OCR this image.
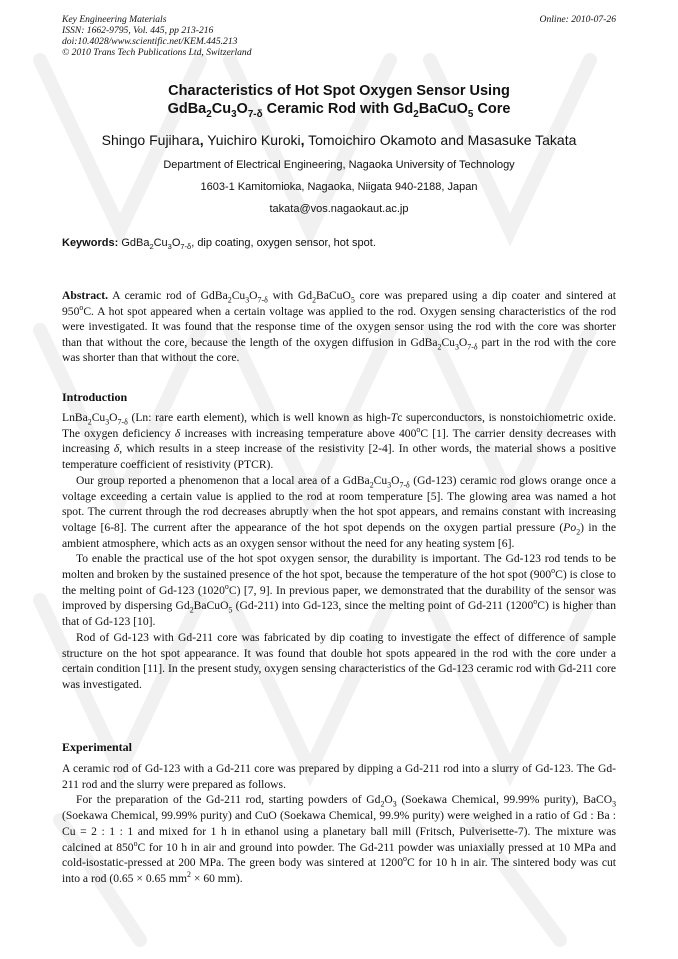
Key Engineering Materials
ISSN: 1662-9795, Vol. 445, pp 213-216
doi:10.4028/www.scientific.net/KEM.445.213
© 2010 Trans Tech Publications Ltd, Switzerland
Online: 2010-07-26
Characteristics of Hot Spot Oxygen Sensor Using
$GdBa_2Cu_3O_{7-\delta}$ Ceramic Rod with $Gd_2BaCuO_5$ Core
Shingo Fujihara, Yuichiro Kuroki, Tomoichiro Okamoto and Masasuke Takata
Department of Electrical Engineering, Nagaoka University of Technology
1603-1 Kamitomioka, Nagaoka, Niigata 940-2188, Japan
takata@vos.nagaokaut.ac.jp
Keywords: $GdBa_2Cu_3O_{7-\delta}$, dip coating, oxygen sensor, hot spot.
Abstract. A ceramic rod of $GdBa_2Cu_3O_{7-\delta}$ with $Gd_2BaCuO_5$ core was prepared using a dip coater and sintered at 950$^o$C. A hot spot appeared when a certain voltage was applied to the rod. Oxygen sensing characteristics of the rod were investigated. It was found that the response time of the oxygen sensor using the rod with the core was shorter than that without the core, because the length of the oxygen diffusion in $GdBa_2Cu_3O_{7-\delta}$ part in the rod with the core was shorter than that without the core.
Introduction

$LnBa_2Cu_3O_{7-\delta}$ (Ln: rare earth element), which is well known as high-Tc superconductors, is nonstoichiometric oxide. The oxygen deficiency δ increases with increasing temperature above 400$^o$C [1]. The carrier density decreases with increasing δ, which results in a steep increase of the resistivity [2-4]. In other words, the material shows a positive temperature coefficient of resistivity (PTCR).

Our group reported a phenomenon that a local area of a $GdBa_2Cu_3O_{7-\delta}$ (Gd-123) ceramic rod glows orange once a voltage exceeding a certain value is applied to the rod at room temperature [5]. The glowing area was named a hot spot. The current through the rod decreases abruptly when the hot spot appears, and remains constant with increasing voltage [6-8]. The current after the appearance of the hot spot depends on the oxygen partial pressure $(Po_2)$ in the ambient atmosphere, which acts as an oxygen sensor without the need for any heating system [6].

To enable the practical use of the hot spot oxygen sensor, the durability is important. The Gd-123 rod tends to be molten and broken by the sustained presence of the hot spot, because the temperature of the hot spot (900$^o$C) is close to the melting point of Gd-123 (1020$^o$C) [7, 9]. In previous paper, we demonstrated that the durability of the sensor was improved by dispersing $Gd_2BaCuO_5$ (Gd-211) into Gd-123, since the melting point of Gd-211 (1200$^o$C) is higher than that of Gd-123 [10].

Rod of Gd-123 with Gd-211 core was fabricated by dip coating to investigate the effect of difference of sample structure on the hot spot appearance. It was found that double hot spots appeared in the rod with the core under a certain condition [11]. In the present study, oxygen sensing characteristics of the Gd-123 ceramic rod with Gd-211 core was investigated.

Experimental

A ceramic rod of Gd-123 with a Gd-211 core was prepared by dipping a Gd-211 rod into a slurry of Gd-123. The Gd-211 rod and the slurry were prepared as follows.

For the preparation of the Gd-211 rod, starting powders of $Gd_2O_3$ (Soekawa Chemical, 99.99% purity), BaCO$_3$ (Soekawa Chemical, 99.99% purity) and CuO (Soekawa Chemical, 99.9% purity) were weighed in a ratio of Gd : Ba : Cu = 2 : 1 : 1 and mixed for 1 h in ethanol using a planetary ball mill (Fritsch, Pulverisette-7). The mixture was calcined at 850$^o$C for 10 h in air and ground into powder. The Gd-211 powder was uniaxially pressed at 10 MPa and cold-isostatic-pressed at 200 MPa. The green body was sintered at 1200$^o$C for 10 h in air. The sintered body was cut into a rod (0.65 × 0.65 $mm^2 \times 60$ mm).
